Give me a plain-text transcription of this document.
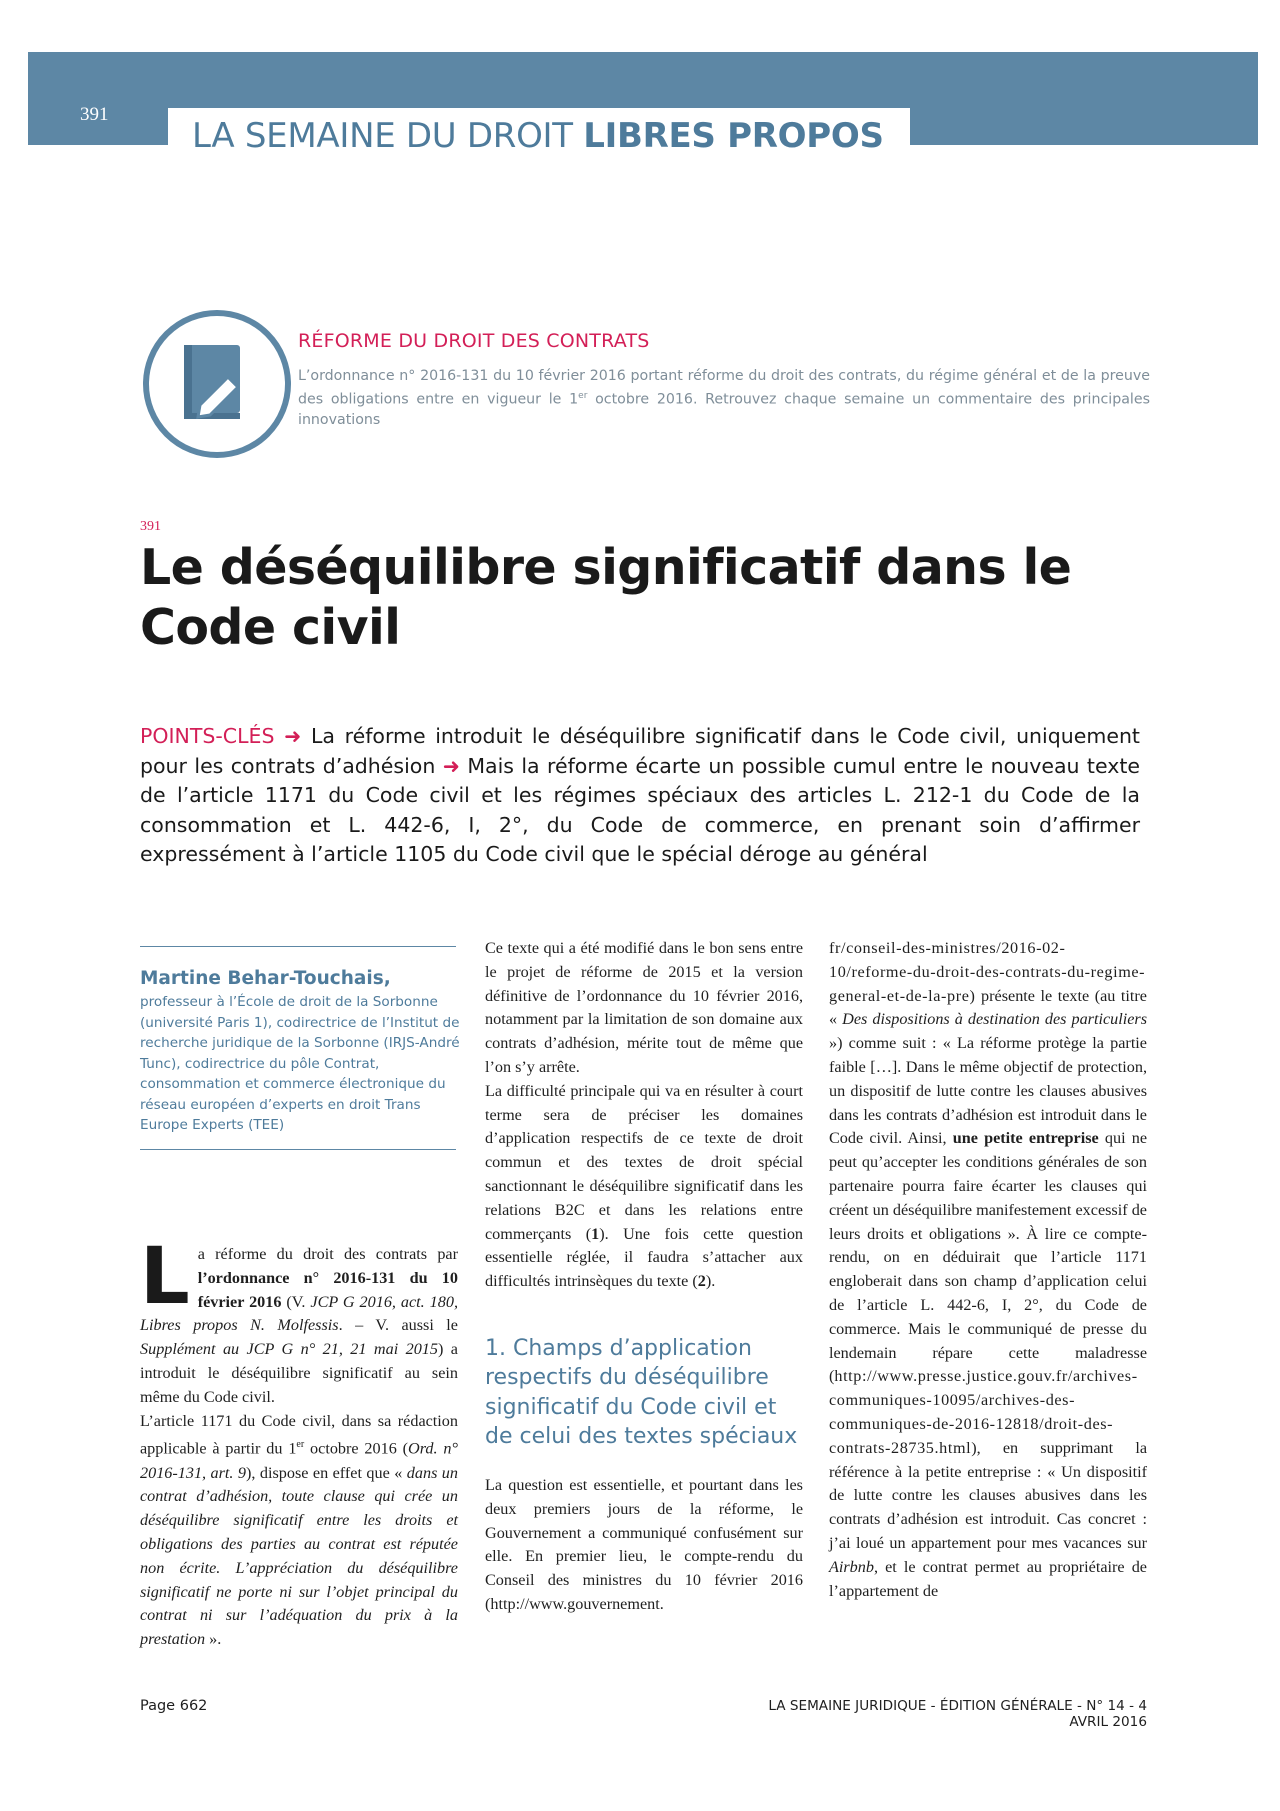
391
LA SEMAINE DU DROIT LIBRES PROPOS
RÉFORME DU DROIT DES CONTRATS
L’ordonnance n° 2016-131 du 10 février 2016 portant réforme du droit des contrats, du régime général et de la preuve des obligations entre en vigueur le 1er octobre 2016. Retrouvez chaque semaine un commentaire des principales innovations
391
Le déséquilibre significatif dans le Code civil
POINTS-CLÉS ➜ La réforme introduit le déséquilibre significatif dans le Code civil, uniquement pour les contrats d’adhésion ➜ Mais la réforme écarte un possible cumul entre le nouveau texte de l’article 1171 du Code civil et les régimes spéciaux des articles L. 212-1 du Code de la consommation et L. 442-6, I, 2°, du Code de commerce, en prenant soin d’affirmer expressément à l’article 1105 du Code civil que le spécial déroge au général
Martine Behar-Touchais,
professeur à l’École de droit de la Sorbonne (université Paris 1), codirectrice de l’Institut de recherche juridique de la Sorbonne (IRJS-André Tunc), codirectrice du pôle Contrat, consommation et commerce électronique du réseau européen d’experts en droit Trans Europe Experts (TEE)

La réforme du droit des contrats par l’ordonnance n° 2016-131 du 10 février 2016 (V. JCP G 2016, act. 180, Libres propos N. Molfessis. – V. aussi le Supplément au JCP G n° 21, 21 mai 2015) a introduit le déséquilibre significatif au sein même du Code civil.

L’article 1171 du Code civil, dans sa rédaction applicable à partir du 1er octobre 2016 (Ord. n° 2016-131, art. 9), dispose en effet que « dans un contrat d’adhésion, toute clause qui crée un déséquilibre significatif entre les droits et obligations des parties au contrat est réputée non écrite. L’appréciation du déséquilibre significatif ne porte ni sur l’objet principal du contrat ni sur l’adéquation du prix à la prestation ».

Ce texte qui a été modifié dans le bon sens entre le projet de réforme de 2015 et la version définitive de l’ordonnance du 10 février 2016, notamment par la limitation de son domaine aux contrats d’adhésion, mérite tout de même que l’on s’y arrête.

La difficulté principale qui va en résulter à court terme sera de préciser les domaines d’application respectifs de ce texte de droit commun et des textes de droit spécial sanctionnant le déséquilibre significatif dans les relations B2C et dans les relations entre commerçants (1). Une fois cette question essentielle réglée, il faudra s’attacher aux difficultés intrinsèques du texte (2).

1. Champs d’application respectifs du déséquilibre significatif du Code civil et de celui des textes spéciaux

La question est essentielle, et pourtant dans les deux premiers jours de la réforme, le Gouvernement a communiqué confusément sur elle. En premier lieu, le compte-rendu du Conseil des ministres du 10 février 2016 (http://www.gouvernement.

fr/conseil-des-ministres/2016-02-10/reforme-du-droit-des-contrats-du-regime-general-et-de-la-pre) présente le texte (au titre « Des dispositions à destination des particuliers ») comme suit : « La réforme protège la partie faible […]. Dans le même objectif de protection, un dispositif de lutte contre les clauses abusives dans les contrats d’adhésion est introduit dans le Code civil. Ainsi, une petite entreprise qui ne peut qu’accepter les conditions générales de son partenaire pourra faire écarter les clauses qui créent un déséquilibre manifestement excessif de leurs droits et obligations ». À lire ce compte-rendu, on en déduirait que l’article 1171 engloberait dans son champ d’application celui de l’article L. 442-6, I, 2°, du Code de commerce. Mais le communiqué de presse du lendemain répare cette maladresse (http://www.presse.justice.gouv.fr/archives-communiques-10095/archives-des-communiques-de-2016-12818/droit-des-contrats-28735.html), en supprimant la référence à la petite entreprise : « Un dispositif de lutte contre les clauses abusives dans les contrats d’adhésion est introduit. Cas concret : j’ai loué un appartement pour mes vacances sur Airbnb, et le contrat permet au propriétaire de l’appartement de

Page 662	LA SEMAINE JURIDIQUE - ÉDITION GÉNÉRALE - N° 14 - 4 AVRIL 2016
